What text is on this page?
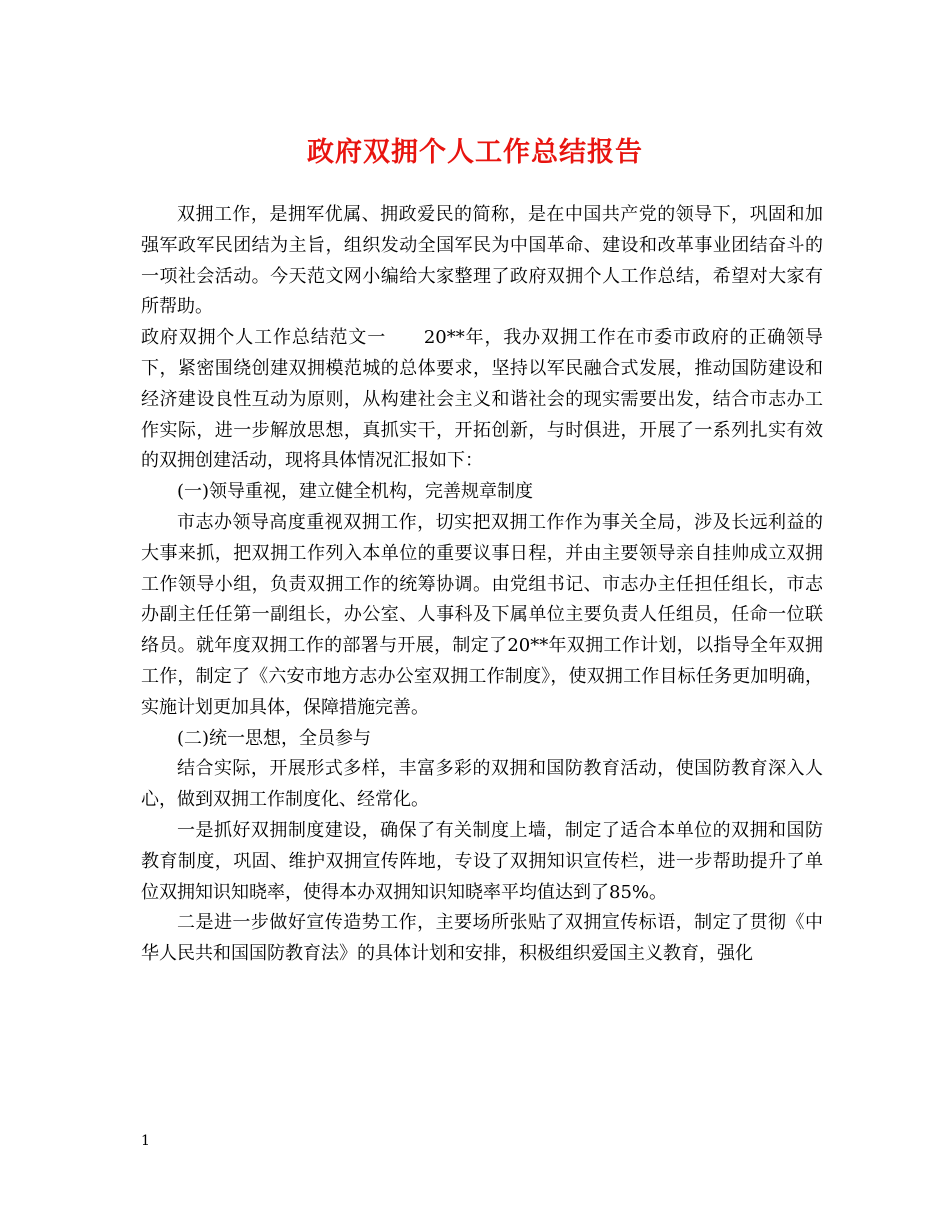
政府双拥个人工作总结报告

双拥工作，是拥军优属、拥政爱民的简称，是在中国共产党的领导下，巩固和加强军政军民团结为主旨，组织发动全国军民为中国革命、建设和改革事业团结奋斗的一项社会活动。今天范文网小编给大家整理了政府双拥个人工作总结，希望对大家有所帮助。

政府双拥个人工作总结范文一　　20**年，我办双拥工作在市委市政府的正确领导下，紧密围绕创建双拥模范城的总体要求，坚持以军民融合式发展，推动国防建设和经济建设良性互动为原则，从构建社会主义和谐社会的现实需要出发，结合市志办工作实际，进一步解放思想，真抓实干，开拓创新，与时俱进，开展了一系列扎实有效的双拥创建活动，现将具体情况汇报如下：

(一)领导重视，建立健全机构，完善规章制度

市志办领导高度重视双拥工作，切实把双拥工作作为事关全局，涉及长远利益的大事来抓，把双拥工作列入本单位的重要议事日程，并由主要领导亲自挂帅成立双拥工作领导小组，负责双拥工作的统筹协调。由党组书记、市志办主任担任组长，市志办副主任任第一副组长，办公室、人事科及下属单位主要负责人任组员，任命一位联络员。就年度双拥工作的部署与开展，制定了20**年双拥工作计划，以指导全年双拥工作，制定了《六安市地方志办公室双拥工作制度》，使双拥工作目标任务更加明确，实施计划更加具体，保障措施完善。

(二)统一思想，全员参与

结合实际，开展形式多样，丰富多彩的双拥和国防教育活动，使国防教育深入人心，做到双拥工作制度化、经常化。

一是抓好双拥制度建设，确保了有关制度上墙，制定了适合本单位的双拥和国防教育制度，巩固、维护双拥宣传阵地，专设了双拥知识宣传栏，进一步帮助提升了单位双拥知识知晓率，使得本办双拥知识知晓率平均值达到了85%。

二是进一步做好宣传造势工作，主要场所张贴了双拥宣传标语，制定了贯彻《中华人民共和国国防教育法》的具体计划和安排，积极组织爱国主义教育，强化

1
